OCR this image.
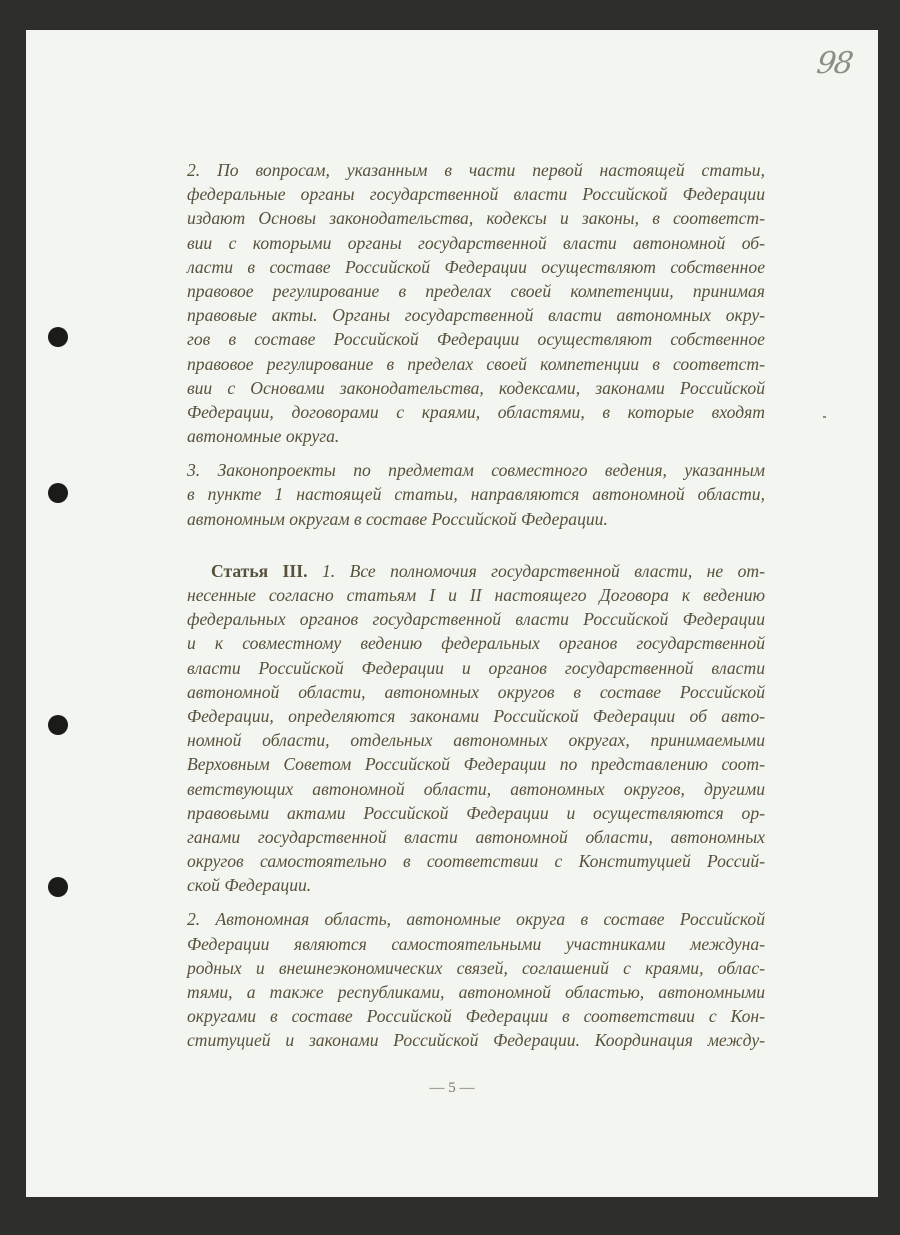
98
2. По вопросам, указанным в части первой настоящей статьи,
федеральные органы государственной власти Российской Федерации
издают Основы законодательства, кодексы и законы, в соответст-
вии с которыми органы государственной власти автономной об-
ласти в составе Российской Федерации осуществляют собственное
правовое регулирование в пределах своей компетенции, принимая
правовые акты. Органы государственной власти автономных окру-
гов в составе Российской Федерации осуществляют собственное
правовое регулирование в пределах своей компетенции в соответст-
вии с Основами законодательства, кодексами, законами Российской
Федерации, договорами с краями, областями, в которые входят
автономные округа.
3. Законопроекты по предметам совместного ведения, указанным
в пункте 1 настоящей статьи, направляются автономной области,
автономным округам в составе Российской Федерации.
Статья III. 1. Все полномочия государственной власти, не от-
несенные согласно статьям I и II настоящего Договора к ведению
федеральных органов государственной власти Российской Федерации
и к совместному ведению федеральных органов государственной
власти Российской Федерации и органов государственной власти
автономной области, автономных округов в составе Российской
Федерации, определяются законами Российской Федерации об авто-
номной области, отдельных автономных округах, принимаемыми
Верховным Советом Российской Федерации по представлению соот-
ветствующих автономной области, автономных округов, другими
правовыми актами Российской Федерации и осуществляются ор-
ганами государственной власти автономной области, автономных
округов самостоятельно в соответствии с Конституцией Россий-
ской Федерации.
2. Автономная область, автономные округа в составе Российской
Федерации являются самостоятельными участниками междуна-
родных и внешнеэкономических связей, соглашений с краями, облас-
тями, а также республиками, автономной областью, автономными
округами в составе Российской Федерации в соответствии с Кон-
ституцией и законами Российской Федерации. Координация между-
— 5 —
